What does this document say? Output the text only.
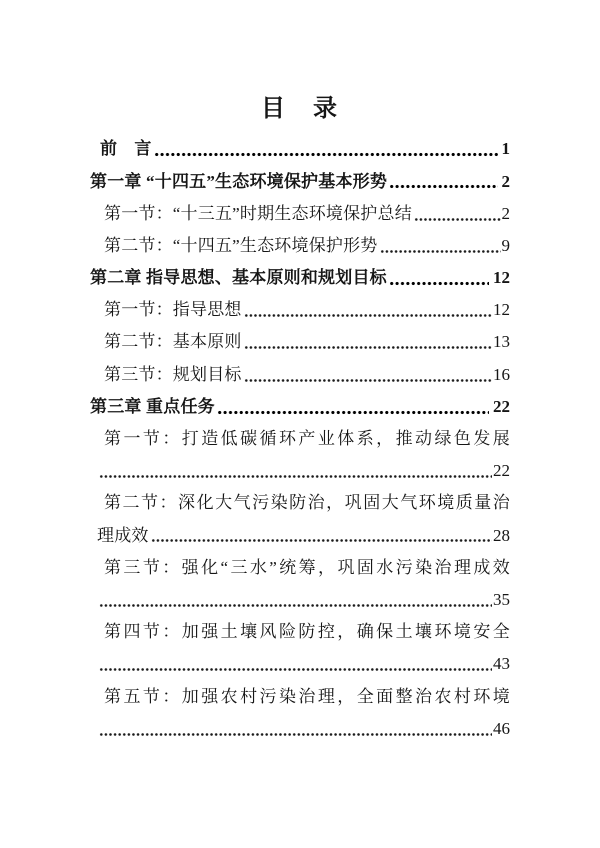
目　录
前　言	1
第一章 “十四五”生态环境保护基本形势	2
第一节：“十三五”时期生态环境保护总结	2
第二节：“十四五”生态环境保护形势	9
第二章 指导思想、基本原则和规划目标	12
第一节：指导思想	12
第二节：基本原则	13
第三节：规划目标	16
第三章 重点任务	22
第一节：打造低碳循环产业体系，推动绿色发展
22
第二节：深化大气污染防治，巩固大气环境质量治
理成效	28
第三节：强化“三水”统筹，巩固水污染治理成效
35
第四节：加强土壤风险防控，确保土壤环境安全
43
第五节：加强农村污染治理，全面整治农村环境
46
